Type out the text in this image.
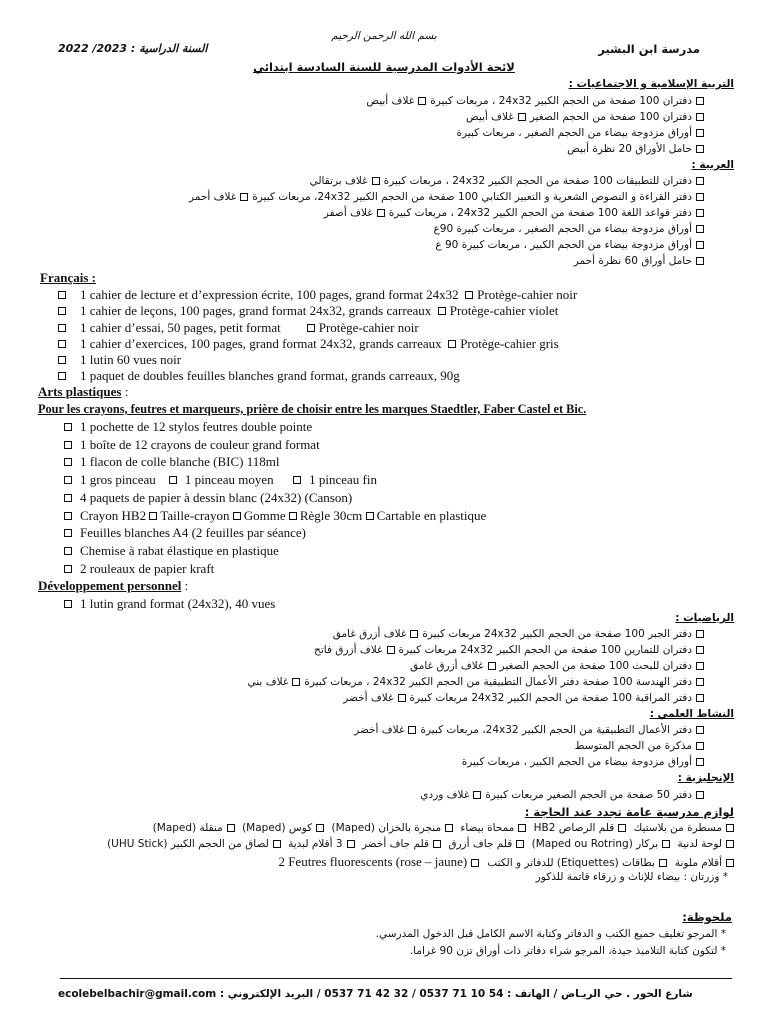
بسم الله الرحمن الرحيم
مدرسة ابن البشير
2022 /2023 السنة الدراسية :
لائحة الأدوات المدرسية للسنة السادسة ابتدائي
التربية الإسلامية و الاجتماعيات :
دفتران 100 صفحة من الحجم الكبير 24x32 ، مربعات كبيرةغلاف أبيض
دفتران 100 صفحة من الحجم الصغيرغلاف أبيض
أوراق مزدوجة بيضاء من الحجم الصغير ، مربعات كبيرة
حامل الأوراق 20 نظرة أبيض
العربية :
دفتران للتطبيقات 100 صفحة من الحجم الكبير 24x32 ، مربعات كبيرةغلاف برتقالي
دفتر القراءة و النصوص الشعرية و التعبير الكتابي 100 صفحة من الحجم الكبير 24x32، مربعات كبيرةغلاف أحمر
دفتر قواعد اللغة 100 صفحة من الحجم الكبير 24x32 ، مربعات كبيرةغلاف أصفر
أوراق مزدوجة بيضاء من الحجم الصغير ، مربعات كبيرة 90ع
أوراق مزدوجة بيضاء من الحجم الكبير ، مربعات كبيرة 90 ع
حامل أوراق 60 نظرة أحمر
Français :
1 cahier de lecture et d’expression écrite, 100 pages, grand format 24x32 Protège-cahier noir
1 cahier de leçons, 100 pages, grand format 24x32, grands carreaux Protège-cahier violet
1 cahier d’essai, 50 pages, petit format	Protège-cahier noir
1 cahier d’exercices, 100 pages, grand format 24x32, grands carreaux Protège-cahier gris
1 lutin 60 vues noir
1 paquet de doubles feuilles blanches grand format, grands carreaux, 90g
Arts plastiques :
Pour les crayons, feutres et marqueurs, prière de choisir entre les marques Staedtler, Faber Castel et Bic.
1 pochette de 12 stylos feutres double pointe
1 boîte de 12 crayons de couleur grand format
1 flacon de colle blanche (BIC) 118ml
1 gros pinceau 1 pinceau moyen	1 pinceau fin
4 paquets de papier à dessin blanc (24x32) (Canson)
Crayon HB2 Taille-crayon Gomme Règle 30cm Cartable en plastique
Feuilles blanches A4 (2 feuilles par séance)
Chemise à rabat élastique en plastique
2 rouleaux de papier kraft
Développement personnel :
1 lutin grand format (24x32), 40 vues
الرياضيات :
دفتر الجبر 100 صفحة من الحجم الكبير 24x32 مربعات كبيرةغلاف أزرق غامق
دفتران للتمارين 100 صفحة من الحجم الكبير 24x32 مربعات كبيرةغلاف أزرق فاتح
دفتران للبحث 100 صفحة من الحجم الصغيرغلاف أزرق غامق
دفتر الهندسة 100 صفحة دفتر الأعمال التطبيقية من الحجم الكبير 24x32 ، مربعات كبيرةغلاف بني
دفتر المراقبة 100 صفحة من الحجم الكبير 24x32 مربعات كبيرةغلاف أخضر
النشاط العلمي :
دفتر الأعمال التطبيقية من الحجم الكبير 24x32، مربعات كبيرةغلاف أخضر
مذكرة من الحجم المتوسط
أوراق مزدوجة بيضاء من الحجم الكبير ، مربعات كبيرة
الإنجليزية :
دفتر 50 صفحة من الحجم الصغير مربعات كبيرةغلاف وردي
لوازم مدرسية عامة تجدد عند الحاجة :
مسطرة من بلاستيك قلم الرصاص HB2 ممحاة بيضاء منجرة بالخزان (Maped) كوس (Maped) منقلة (Maped)
لوحة لدنية بركار (Maped ou Rotring) قلم جاف أزرق قلم جاف أخضر 3 أقلام لبدية لصاق من الحجم الكبير (UHU Stick)
أقلام ملونة بطاقات (Etiquettes) للدفاتر و الكتب 2 Feutres fluorescents (rose – jaune)
* وزرتان : بيضاء للإناث و زرقاء قاتمة للذكور
ملحوظة:
* المرجو تغليف جميع الكتب و الدفاتر وكتابة الاسم الكامل قبل الدخول المدرسي.
* لتكون كتابة التلاميذ جيدة، المرجو شراء دفاتر ذات أوراق تزن 90 غراما.
ecolebelbachir@gmail.com / البريد الإلكتروني : 0537 71 42 32 / 0537 71 10 54 شارع الحور . حي الريـاض / الهاتف :
